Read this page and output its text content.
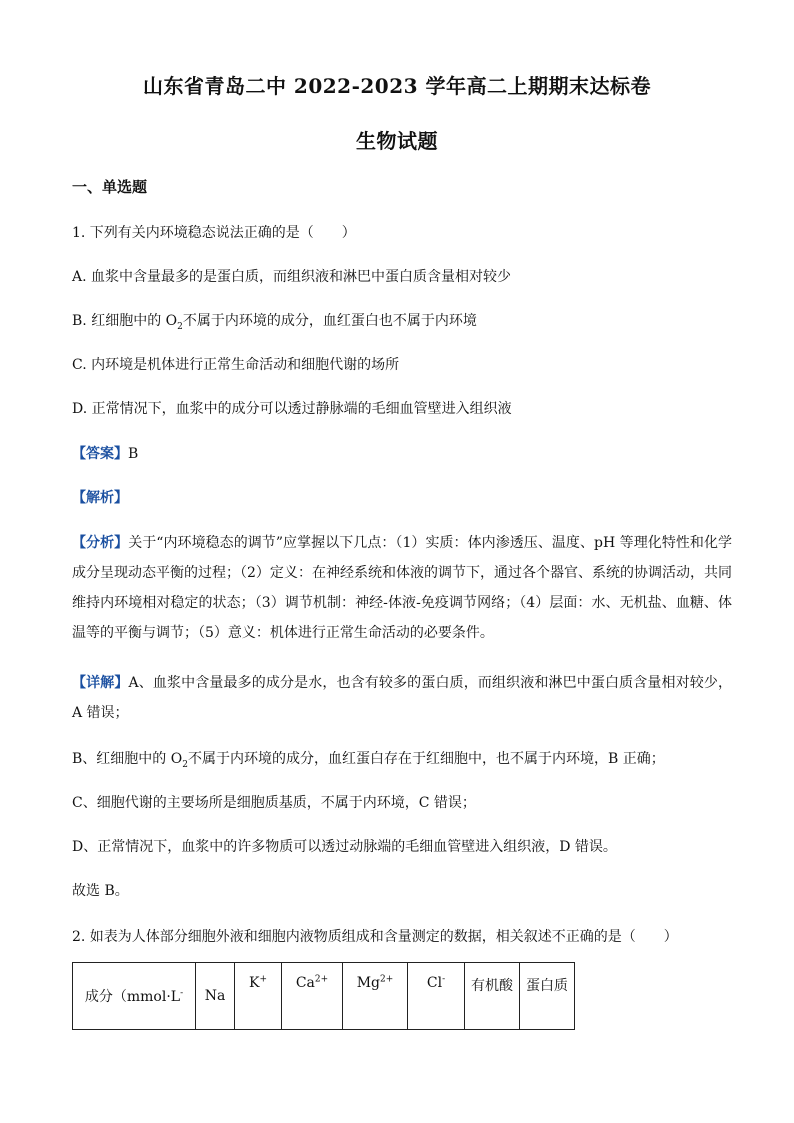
山东省青岛二中 2022-2023 学年高二上期期末达标卷
生物试题
一、单选题
1. 下列有关内环境稳态说法正确的是（　　）
A. 血浆中含量最多的是蛋白质，而组织液和淋巴中蛋白质含量相对较少
B. 红细胞中的 $O_2$不属于内环境的成分，血红蛋白也不属于内环境
C. 内环境是机体进行正常生命活动和细胞代谢的场所
D. 正常情况下，血浆中的成分可以透过静脉端的毛细血管壁进入组织液
【答案】B
【解析】
【分析】关于“内环境稳态的调节”应掌握以下几点：（1）实质：体内渗透压、温度、pH 等理化特性和化学成分呈现动态平衡的过程；（2）定义：在神经系统和体液的调节下，通过各个器官、系统的协调活动，共同维持内环境相对稳定的状态；（3）调节机制：神经-体液-免疫调节网络；（4）层面：水、无机盐、血糖、体温等的平衡与调节；（5）意义：机体进行正常生命活动的必要条件。
【详解】A、血浆中含量最多的成分是水，也含有较多的蛋白质，而组织液和淋巴中蛋白质含量相对较少，A 错误；
B、红细胞中的 $O_2$不属于内环境的成分，血红蛋白存在于红细胞中，也不属于内环境，B 正确；
C、细胞代谢的主要场所是细胞质基质，不属于内环境，C 错误；
D、正常情况下，血浆中的许多物质可以透过动脉端的毛细血管壁进入组织液，D 错误。
故选 B。
2. 如表为人体部分细胞外液和细胞内液物质组成和含量测定的数据，相关叙述不正确的是（　　）
成分（mmol·L-	Na	K+	$Ca^{2+}$	$Mg^{2+}$	Cl-	有机酸	蛋白质
